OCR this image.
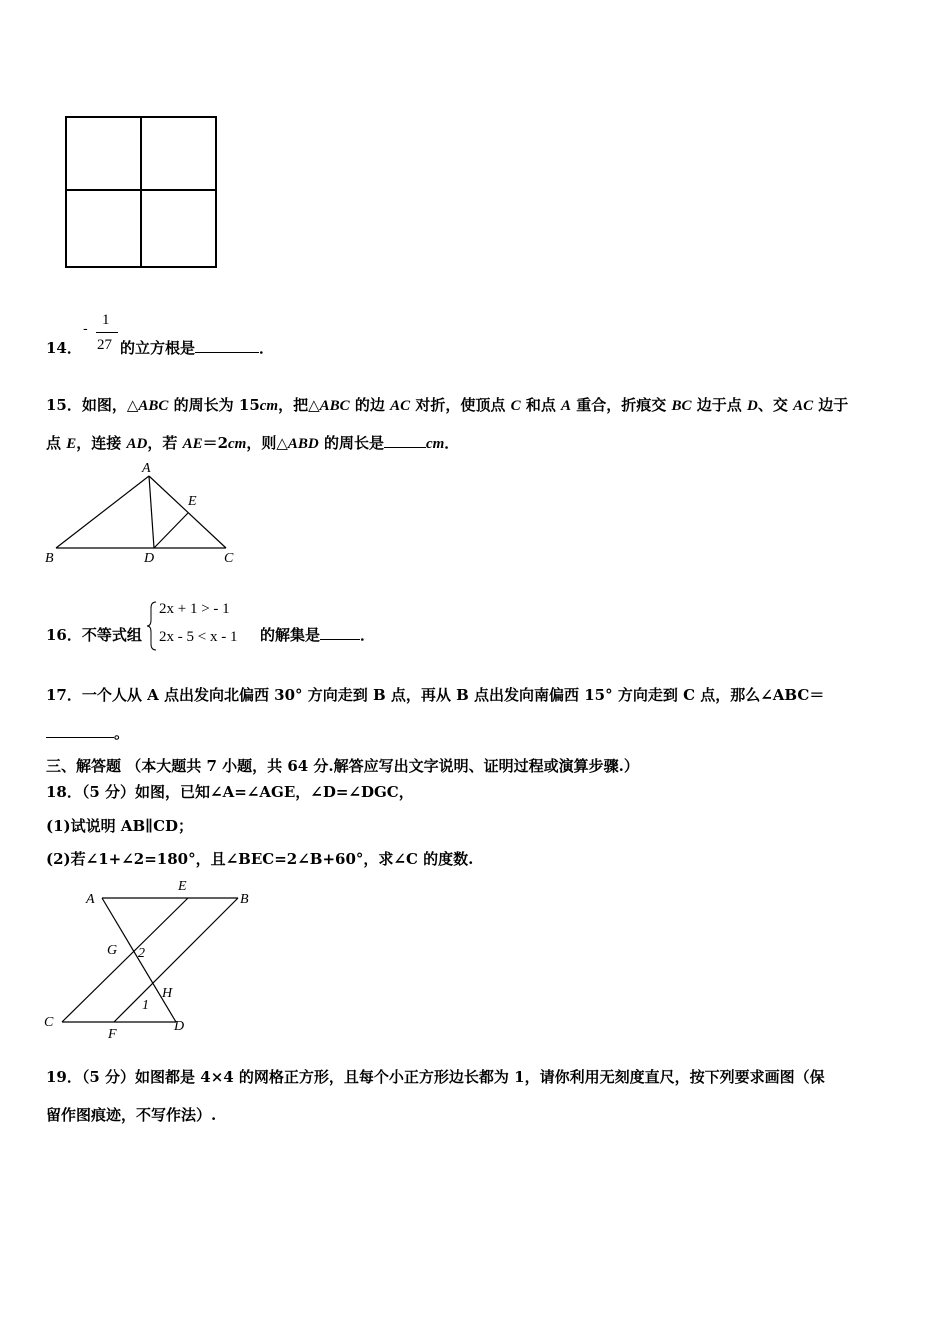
14．
-
1
27 的立方根是	．
15．如图，△ABC 的周长为 15cm，把△ABC 的边 AC 对折，使顶点 C 和点 A 重合，折痕交 BC 边于点 D、交 AC 边于
点 E，连接 AD，若 AE＝2cm，则△ABD 的周长是	cm．
A
E
B	D	C
16．不等式组
2x + 1 > - 1
2x - 5 < x - 1 的解集是	．
17．一个人从 A 点出发向北偏西 30° 方向走到 B 点，再从 B 点出发向南偏西 15° 方向走到 C 点，那么∠ABC＝
。
三、解答题 （本大题共 7 小题，共 64 分.解答应写出文字说明、证明过程或演算步骤.）
18．（5 分）如图，已知∠A=∠AGE，∠D=∠DGC，
(1)试说明 AB∥CD；
(2)若∠1+∠2=180°，且∠BEC=2∠B+60°，求∠C 的度数.
A
E
B
G 2
H
1
C
F
D
19．（5 分）如图都是 4×4 的网格正方形，且每个小正方形边长都为 1，请你利用无刻度直尺，按下列要求画图（保
留作图痕迹，不写作法）.
